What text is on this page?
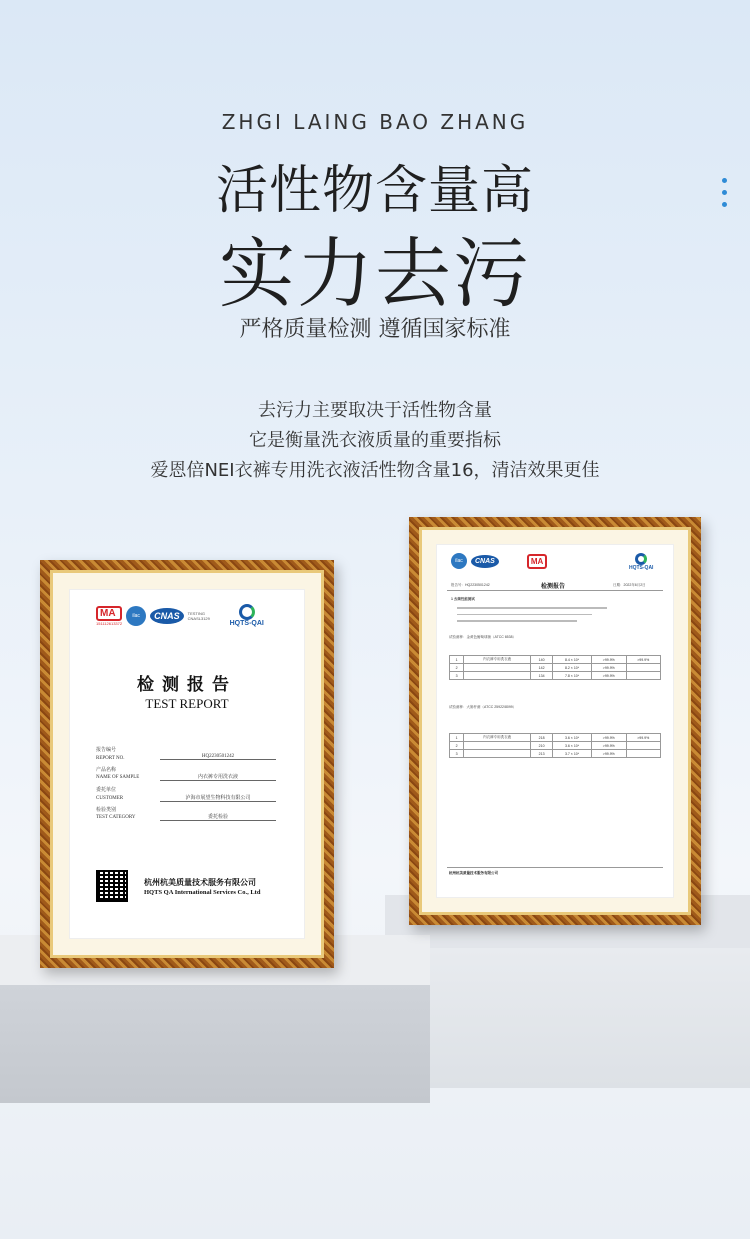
ZHGI LAING BAO ZHANG
活性物含量高
实力去污
严格质量检测 遵循国家标准
去污力主要取决于活性物含量
它是衡量洗衣液质量的重要指标
爱恩倍NEI衣裤专用洗衣液活性物含量16，清洁效果更佳
MA
151112613372
ilac	CNAS	TESTING CNASL3129
HQTS-QAI
检测报告
TEST REPORT
报告编号
REPORT NO.	HQ2230501242
产品名称
NAME OF SAMPLE	内衣裤专用洗衣液
委托单位
CUSTOMER	泸海市展望生物科技有限公司
检验类别
TEST CATEGORY	委托检验
杭州杭美质量技术服务有限公司
HQTS QA International Services Co., Ltd
ilac	CNAS	MA
HQTS-QAI
报告号：HQ2230501242	检测报告	日期：2022年6月2日
1 去菌性能测试
试验菌种：金黄色葡萄球菌（ATCC 6538）
1	内衣裤专用洗衣液	140	8.4 × 10⁶	>99.9%	>99.9%
2		142	8.2 × 10⁶	>99.9%	
3		134	7.8 × 10⁶	>99.9%	
试验菌种：大肠杆菌（ATCC 25922/8099）
1	内衣裤专用洗衣液	218	3.6 × 10⁶	>99.9%	>99.9%
2		210	3.6 × 10⁶	>99.9%	
3		213	3.7 × 10⁶	>99.9%	
杭州杭美质量技术服务有限公司
